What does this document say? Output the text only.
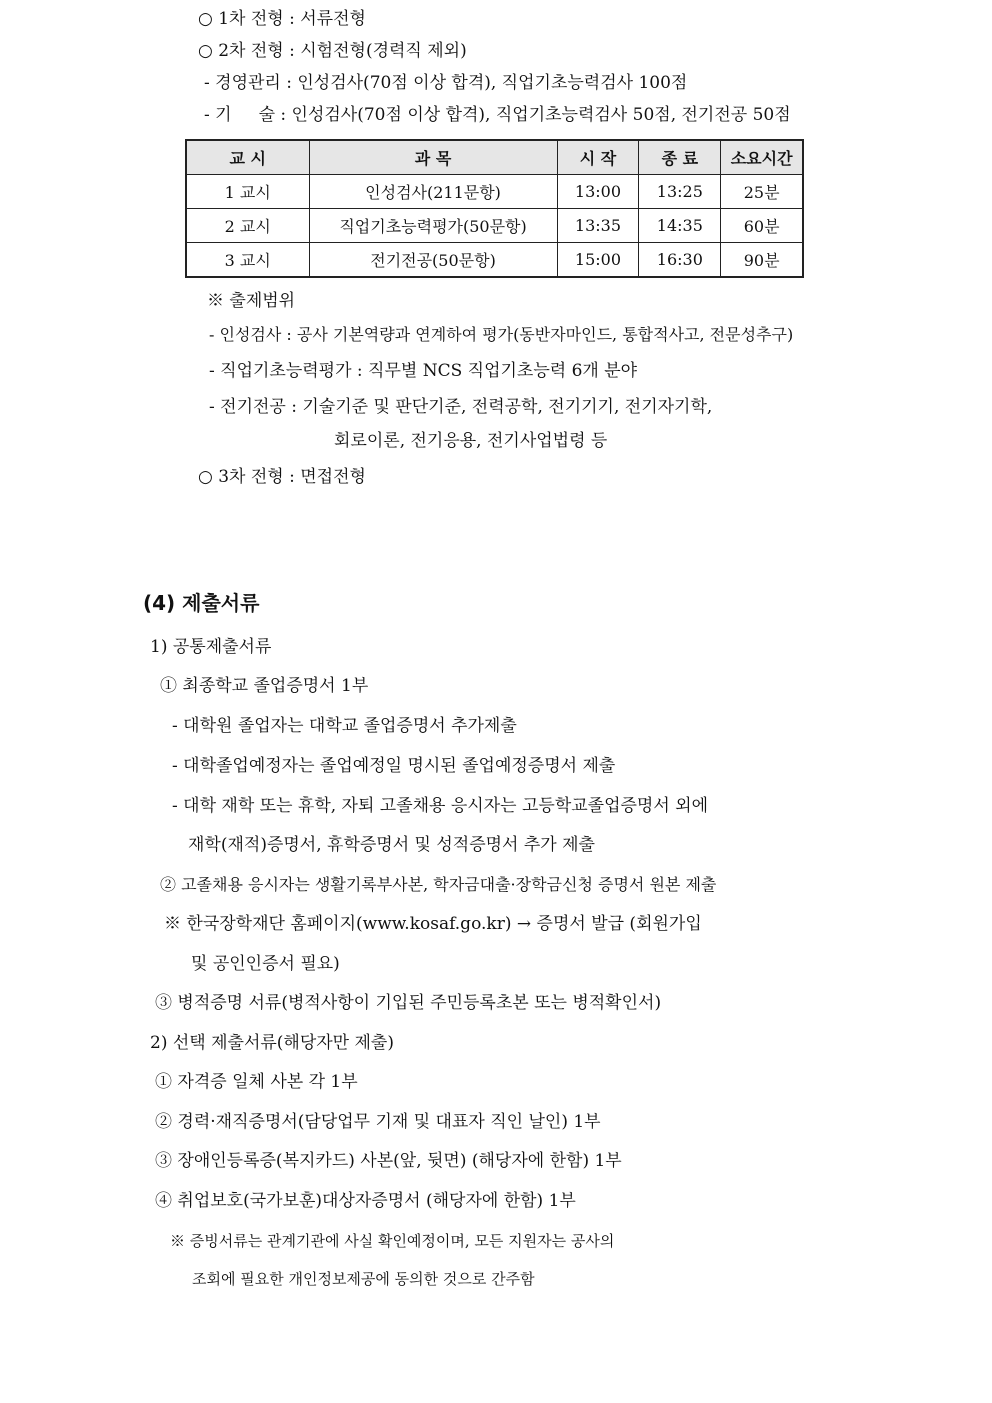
○ 1차 전형 : 서류전형
○ 2차 전형 : 시험전형(경력직 제외)
- 경영관리 : 인성검사(70점 이상 합격), 직업기초능력검사 100점
- 기     술 : 인성검사(70점 이상 합격), 직업기초능력검사 50점, 전기전공 50점
교 시	과 목	시 작	종 료	소요시간
1 교시	인성검사(211문항)	13:00	13:25	25분
2 교시	직업기초능력평가(50문항)	13:35	14:35	60분
3 교시	전기전공(50문항)	15:00	16:30	90분
※ 출제범위
- 인성검사 : 공사 기본역량과 연계하여 평가(동반자마인드, 통합적사고, 전문성추구)
- 직업기초능력평가 : 직무별 NCS 직업기초능력 6개 분야
- 전기전공 : 기술기준 및 판단기준, 전력공학, 전기기기, 전기자기학,
회로이론, 전기응용, 전기사업법령 등
○ 3차 전형 : 면접전형
(4) 제출서류
1) 공통제출서류
① 최종학교 졸업증명서 1부
- 대학원 졸업자는 대학교 졸업증명서 추가제출
- 대학졸업예정자는 졸업예정일 명시된 졸업예정증명서 제출
- 대학 재학 또는 휴학, 자퇴 고졸채용 응시자는 고등학교졸업증명서 외에
재학(재적)증명서, 휴학증명서 및 성적증명서 추가 제출
② 고졸채용 응시자는 생활기록부사본, 학자금대출·장학금신청 증명서 원본 제출
※ 한국장학재단 홈페이지(www.kosaf.go.kr) → 증명서 발급 (회원가입
및 공인인증서 필요)
③ 병적증명 서류(병적사항이 기입된 주민등록초본 또는 병적확인서)
2) 선택 제출서류(해당자만 제출)
① 자격증 일체 사본 각 1부
② 경력·재직증명서(담당업무 기재 및 대표자 직인 날인) 1부
③ 장애인등록증(복지카드) 사본(앞, 뒷면) (해당자에 한함) 1부
④ 취업보호(국가보훈)대상자증명서 (해당자에 한함) 1부
※ 증빙서류는 관계기관에 사실 확인예정이며, 모든 지원자는 공사의
조회에 필요한 개인정보제공에 동의한 것으로 간주함
